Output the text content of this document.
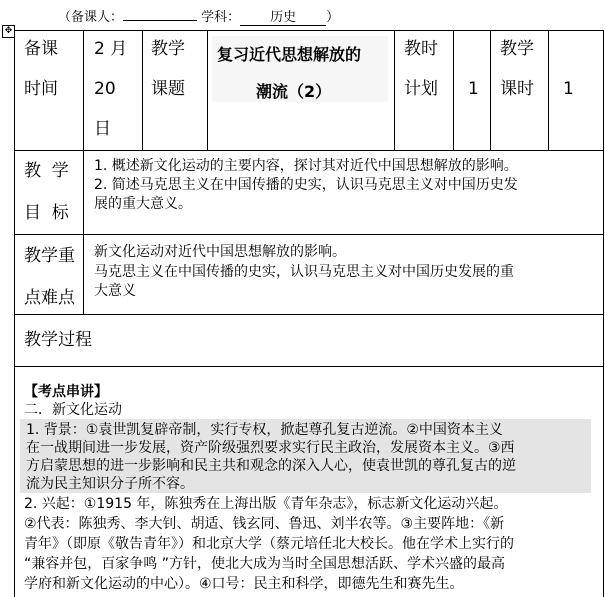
（备课人：	学科： 历史 ）
✥
备课
时间
2 月
20
日
教学
课题
复习近代思想解放的
潮流（2）
教时
计划 1
教学
课时 1
教  学
目  标
1. 概述新文化运动的主要内容，探讨其对近代中国思想解放的影响。
2. 简述马克思主义在中国传播的史实，认识马克思主义对中国历史发
展的重大意义。
教学重
点难点
新文化运动对近代中国思想解放的影响。
马克思主义在中国传播的史实，认识马克思主义对中国历史发展的重
大意义
教学过程
【考点串讲】
二．新文化运动
1. 背景：①袁世凯复辟帝制，实行专权，掀起尊孔复古逆流。②中国资本主义
在一战期间进一步发展，资产阶级强烈要求实行民主政治，发展资本主义。③西
方启蒙思想的进一步影响和民主共和观念的深入人心，使袁世凯的尊孔复古的逆
流为民主知识分子所不容。
2. 兴起：①1915 年，陈独秀在上海出版《青年杂志》，标志新文化运动兴起。
②代表：陈独秀、李大钊、胡适、钱玄同、鲁迅、刘半农等。③主要阵地：《新
青年》（即原《敬告青年》）和北京大学（蔡元培任北大校长。他在学术上实行的
“兼容并包，百家争鸣 ”方针，使北大成为当时全国思想活跃、学术兴盛的最高
学府和新文化运动的中心）。④口号：民主和科学，即德先生和赛先生。
